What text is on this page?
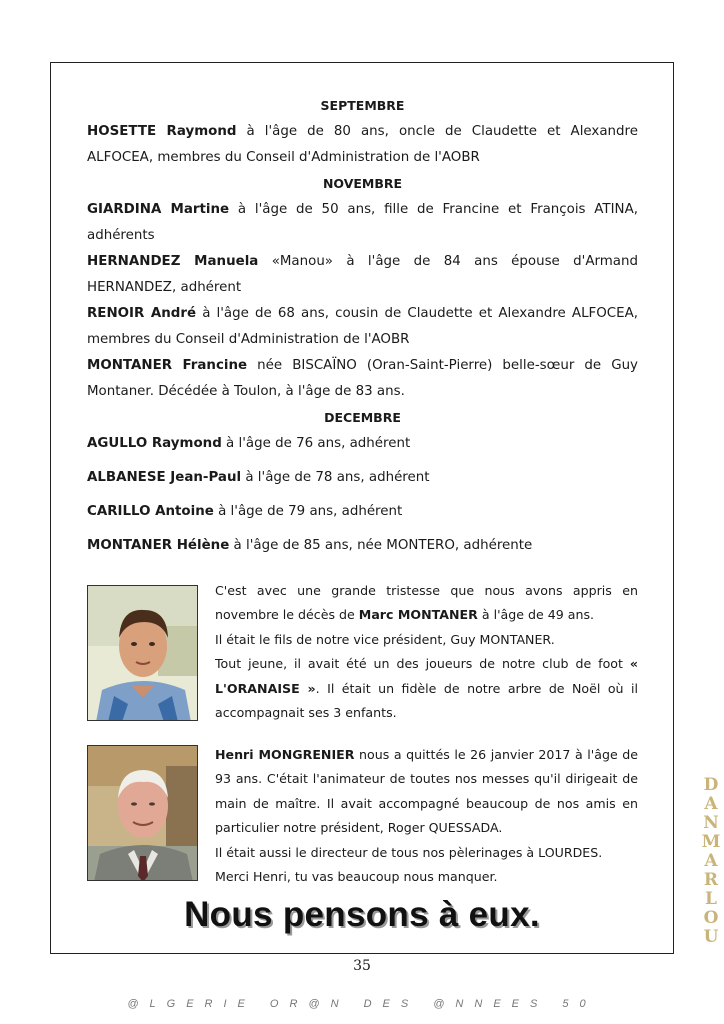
SEPTEMBRE

HOSETTE Raymond à l'âge de 80 ans, oncle de Claudette et Alexandre ALFOCEA, membres du Conseil d'Administration de l'AOBR

NOVEMBRE

GIARDINA Martine à l'âge de 50 ans, fille de Francine et François ATINA, adhérents

HERNANDEZ Manuela «Manou» à l'âge de 84 ans épouse d'Armand HERNANDEZ, adhérent

RENOIR André à l'âge de 68 ans, cousin de Claudette et Alexandre ALFOCEA, membres du Conseil d'Administration de l'AOBR

MONTANER Francine née BISCAÏNO (Oran-Saint-Pierre) belle-sœur de Guy Montaner. Décédée à Toulon, à l'âge de 83 ans.

DECEMBRE

AGULLO Raymond à l'âge de 76 ans, adhérent

ALBANESE Jean-Paul à l'âge de 78 ans, adhérent

CARILLO Antoine à l'âge de 79 ans, adhérent

MONTANER Hélène à l'âge de 85 ans, née MONTERO, adhérente

C'est avec une grande tristesse que nous avons appris en novembre le décès de Marc MONTANER à l'âge de 49 ans.

Il était le fils de notre vice président, Guy MONTANER.

Tout jeune, il avait été un des joueurs de notre club de foot « L'ORANAISE ». Il était un fidèle de notre arbre de Noël où il accompagnait ses 3 enfants.

Henri MONGRENIER nous a quittés le 26 janvier 2017 à l'âge de 93 ans. C'était l'animateur de toutes nos messes qu'il dirigeait de main de maître. Il avait accompagné beaucoup de nos amis en particulier notre président, Roger QUESSADA.

Il était aussi le directeur de tous nos pèlerinages à LOURDES.

Merci Henri, tu vas beaucoup nous manquer.

Nous pensons à eux.
35
@LGERIE OR@N DES @NNEES 50
D
A
N
M
A
R
L
O
U
